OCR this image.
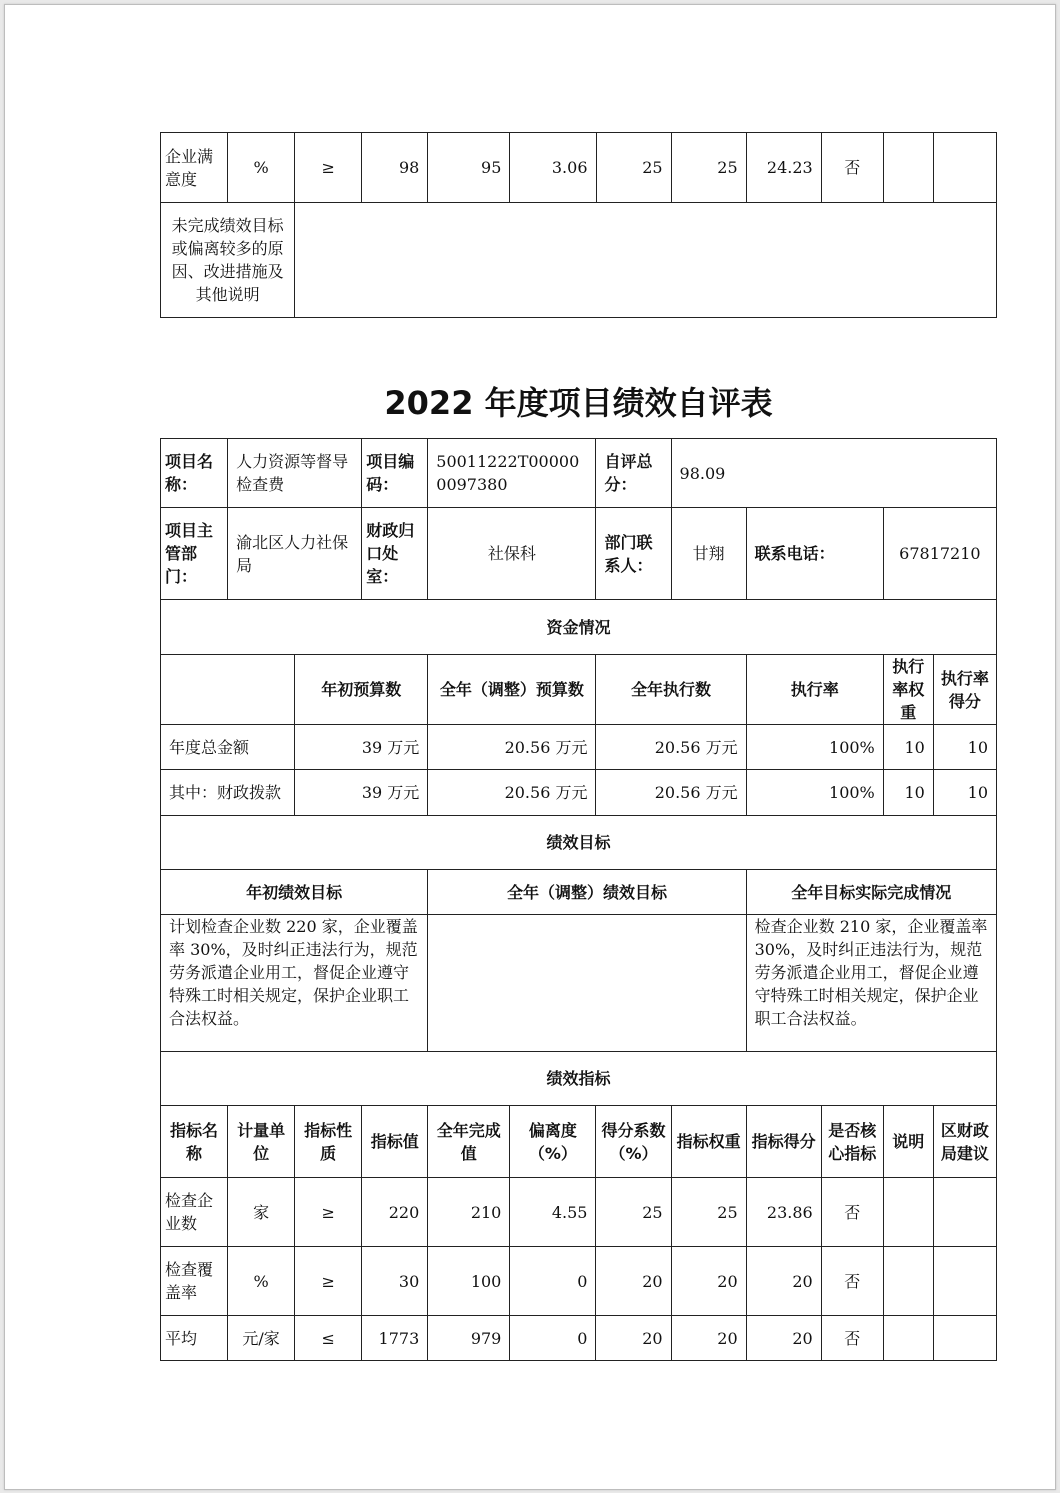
企业满意度	%	≥	98	95	3.06	25	25	24.23	否		
未完成绩效目标或偏离较多的原因、改进措施及其他说明											
2022 年度项目绩效自评表
项目名称：	人力资源等督导检查费		项目编码：	50011222T000000097380		自评总分：	98.09				
项目主管部门：	渝北区人力社保局		财政归口处室：	社保科		部门联系人：	甘翔	联系电话：		67817210	
资金情况											
		年初预算数		全年（调整）预算数		全年执行数		执行率		执行率权重	执行率得分
年度总金额		39 万元		20.56 万元		20.56 万元		100%		10	10
其中：财政拨款		39 万元		20.56 万元		20.56 万元		100%		10	10
绩效目标											
年初绩效目标				全年（调整）绩效目标				全年目标实际完成情况			
计划检查企业数 220 家，企业覆盖率 30%，及时纠正违法行为，规范劳务派遣企业用工，督促企业遵守特殊工时相关规定，保护企业职工合法权益。								检查企业数 210 家，企业覆盖率 30%，及时纠正违法行为，规范劳务派遣企业用工，督促企业遵守特殊工时相关规定，保护企业职工合法权益。			
绩效指标											
指标名称	计量单位	指标性质	指标值	全年完成值	偏离度（%）	得分系数（%）	指标权重	指标得分	是否核心指标	说明	区财政局建议
检查企业数	家	≥	220	210	4.55	25	25	23.86	否		
检查覆盖率	%	≥	30	100	0	20	20	20	否		
平均	元/家	≤	1773	979	0	20	20	20	否		
